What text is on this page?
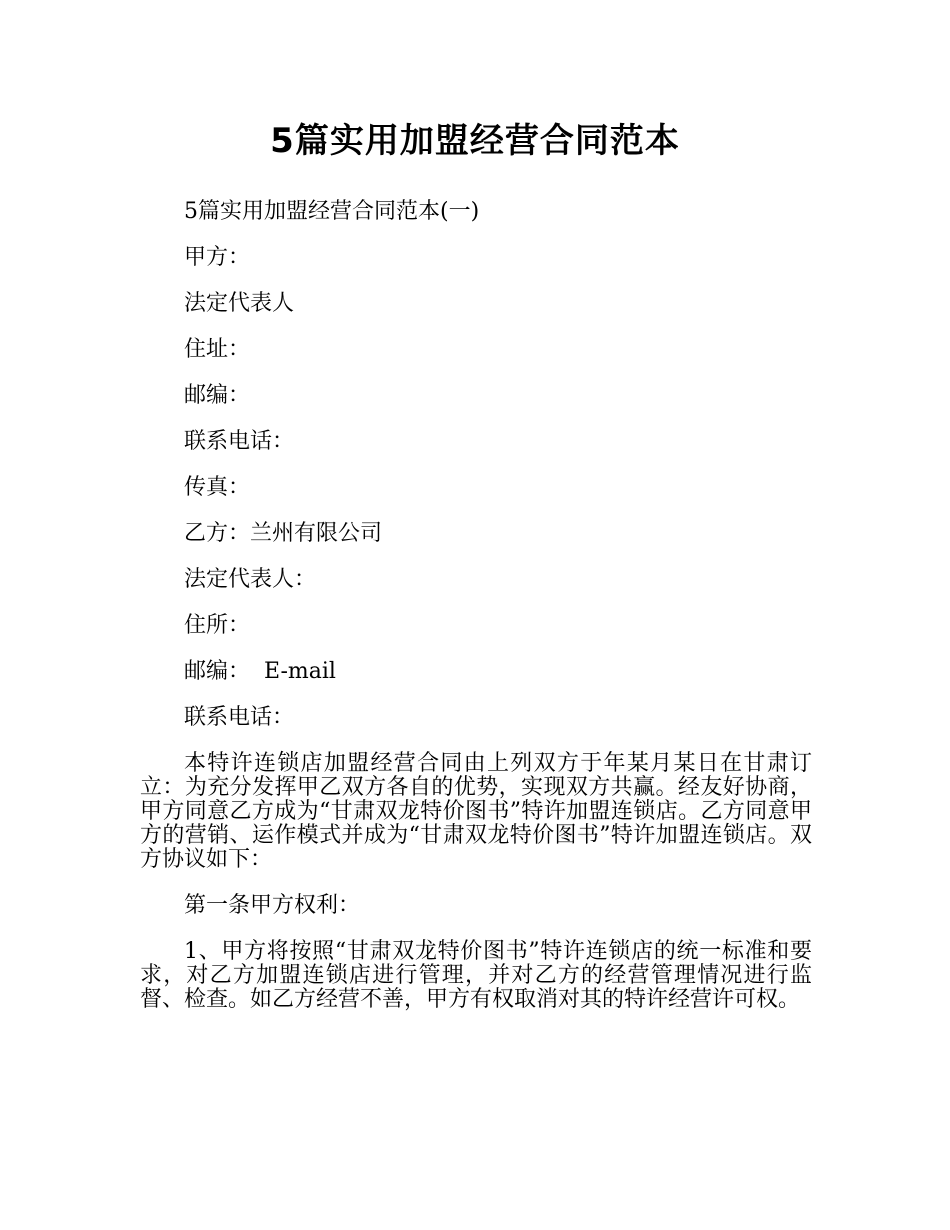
5篇实用加盟经营合同范本

5篇实用加盟经营合同范本(一)

甲方：

法定代表人

住址：

邮编：

联系电话：

传真：

乙方：兰州有限公司

法定代表人：

住所：

邮编：  E-mail

联系电话：

本特许连锁店加盟经营合同由上列双方于年某月某日在甘肃订立：为充分发挥甲乙双方各自的优势，实现双方共赢。经友好协商，甲方同意乙方成为“甘肃双龙特价图书”特许加盟连锁店。乙方同意甲方的营销、运作模式并成为“甘肃双龙特价图书”特许加盟连锁店。双方协议如下：

第一条甲方权利：

1、甲方将按照“甘肃双龙特价图书”特许连锁店的统一标准和要求，对乙方加盟连锁店进行管理，并对乙方的经营管理情况进行监督、检查。如乙方经营不善，甲方有权取消对其的特许经营许可权。
